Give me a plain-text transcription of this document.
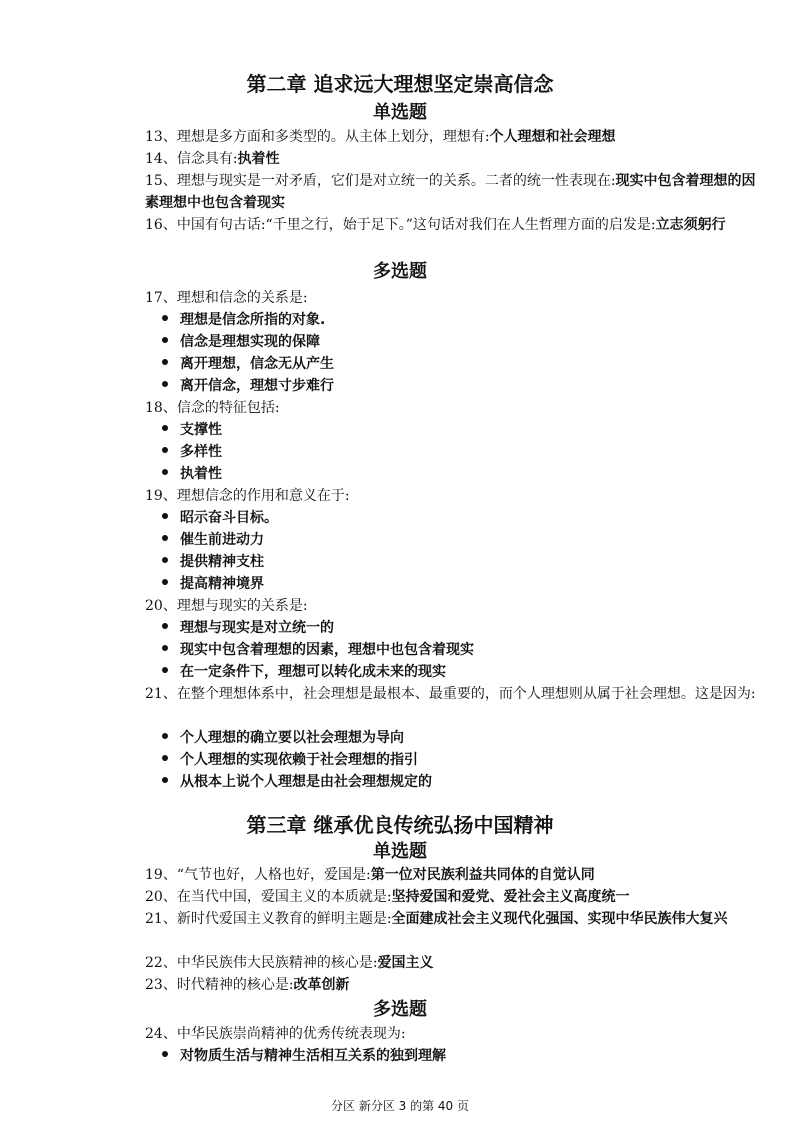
第二章 追求远大理想坚定崇高信念
单选题

13、理想是多方面和多类型的。从主体上划分，理想有:个人理想和社会理想

14、信念具有:执着性

15、理想与现实是一对矛盾，它们是对立统一的关系。二者的统一性表现在:现实中包含着理想的因素理想中也包含着现实

16、中国有句古话:“千里之行，始于足下。”这句话对我们在人生哲理方面的启发是:立志须躬行

多选题

17、理想和信念的关系是:

理想是信念所指的对象.
信念是理想实现的保障
离开理想，信念无从产生
离开信念，理想寸步难行

18、信念的特征包括:

支撑性
多样性
执着性

19、理想信念的作用和意义在于:

昭示奋斗目标。
催生前进动力
提供精神支柱
提高精神境界

20、理想与现实的关系是:

理想与现实是对立统一的
现实中包含着理想的因素，理想中也包含着现实
在一定条件下，理想可以转化成未来的现实

21、在整个理想体系中，社会理想是最根本、最重要的，而个人理想则从属于社会理想。这是因为:

个人理想的确立要以社会理想为导向
个人理想的实现依赖于社会理想的指引
从根本上说个人理想是由社会理想规定的
第三章 继承优良传统弘扬中国精神
单选题

19、“气节也好，人格也好，爱国是:第一位对民族利益共同体的自觉认同

20、在当代中国，爱国主义的本质就是:坚持爱国和爱党、爱社会主义高度统一

21、新时代爱国主义教育的鲜明主题是:全面建成社会主义现代化强国、实现中华民族伟大复兴

22、中华民族伟大民族精神的核心是:爱国主义

23、时代精神的核心是:改革创新

多选题

24、中华民族崇尚精神的优秀传统表现为:

对物质生活与精神生活相互关系的独到理解
分区 新分区 3 的第 40 页
